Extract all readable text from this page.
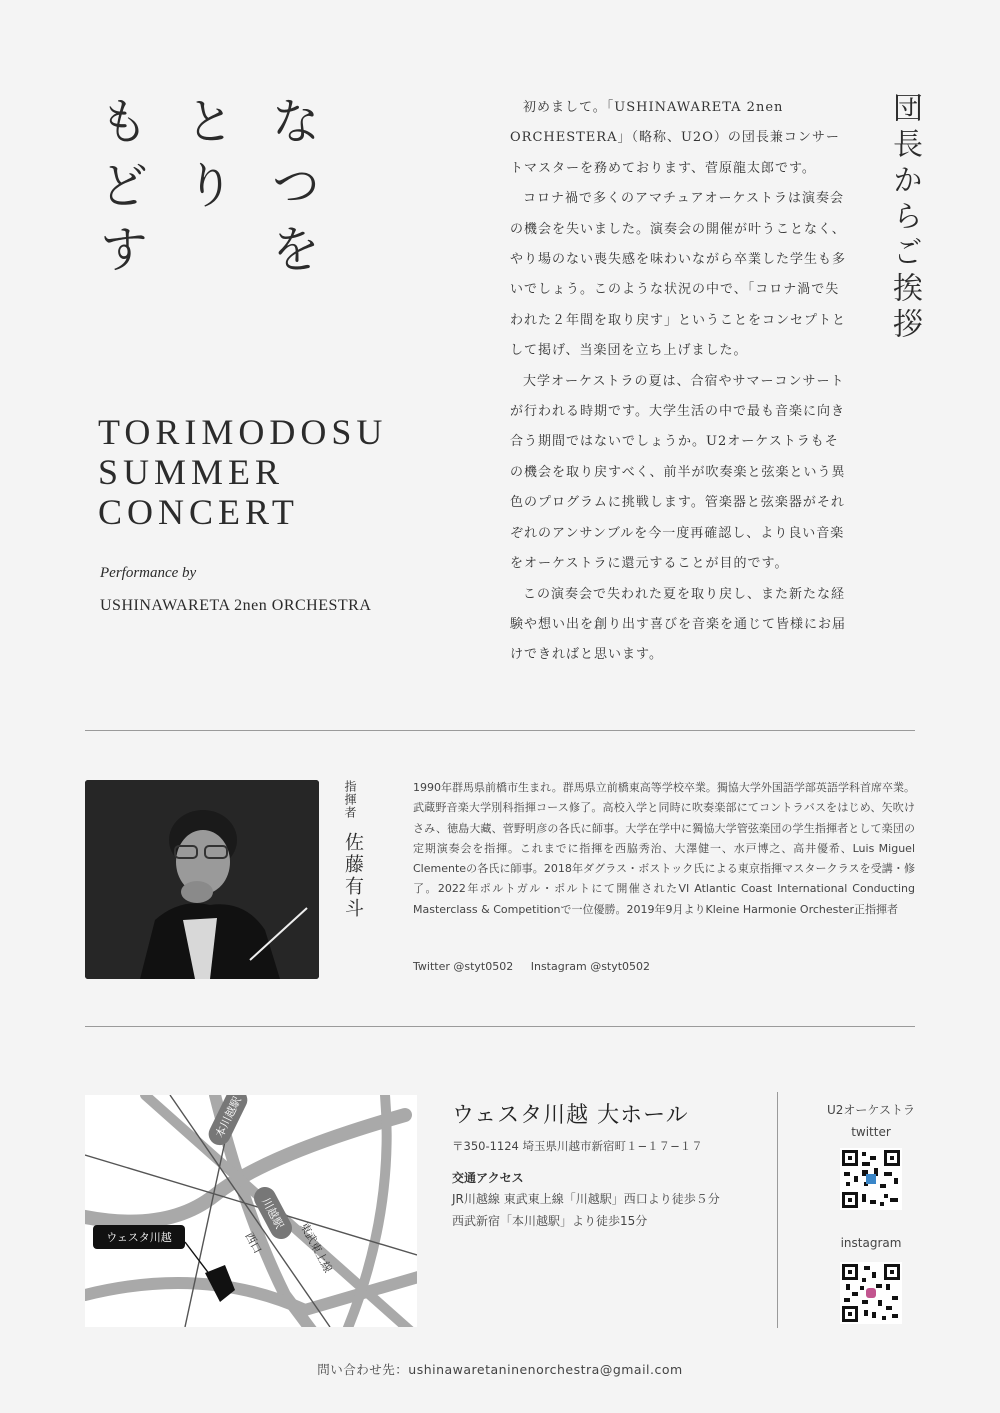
なつを
とり
もどす
TORIMODOSU
SUMMER
CONCERT
Performance by
USHINAWARETA 2nen ORCHESTRA

初めまして。「USHINAWARETA 2nen ORCHESTERA」（略称、U2O）の団長兼コンサートマスターを務めております、菅原龍太郎です。

コロナ禍で多くのアマチュアオーケストラは演奏会の機会を失いました。演奏会の開催が叶うことなく、やり場のない喪失感を味わいながら卒業した学生も多いでしょう。このような状況の中で、「コロナ渦で失われた２年間を取り戻す」ということをコンセプトとして掲げ、当楽団を立ち上げました。

大学オーケストラの夏は、合宿やサマーコンサートが行われる時期です。大学生活の中で最も音楽に向き合う期間ではないでしょうか。U2オーケストラもその機会を取り戻すべく、前半が吹奏楽と弦楽という異色のプログラムに挑戦します。管楽器と弦楽器がそれぞれのアンサンブルを今一度再確認し、より良い音楽をオーケストラに還元することが目的です。

この演奏会で失われた夏を取り戻し、また新たな経験や想い出を創り出す喜びを音楽を通じて皆様にお届けできればと思います。

団長からご挨拶
指揮者
佐藤有斗
1990年群馬県前橋市生まれ。群馬県立前橋東高等学校卒業。獨協大学外国語学部英語学科首席卒業。武蔵野音楽大学別科指揮コース修了。高校入学と同時に吹奏楽部にてコントラバスをはじめ、矢吹けさみ、徳島大藏、菅野明彦の各氏に師事。大学在学中に獨協大学管弦楽団の学生指揮者として楽団の定期演奏会を指揮。これまでに指揮を西脇秀治、大澤健一、水戸博之、高井優希、Luis Miguel Clementeの各氏に師事。2018年ダグラス・ボストック氏による東京指揮マスタークラスを受講・修了。2022年ポルトガル・ポルトにて開催されたVI Atlantic Coast International Conducting Masterclass & Competitionで一位優勝。2019年9月よりKleine Harmonie Orchester正指揮者
Twitter @styt0502 Instagram @styt0502
本川越駅
川越駅
西口	東武東上線
ウェスタ川越
ウェスタ川越 大ホール
〒350-1124 埼玉県川越市新宿町１−１７−１７
交通アクセス
JR川越線 東武東上線「川越駅」西口より徒歩５分
西武新宿「本川越駅」より徒歩15分
U2オーケストラ
twitter
instagram
問い合わせ先：ushinawaretaninenorchestra@gmail.com
